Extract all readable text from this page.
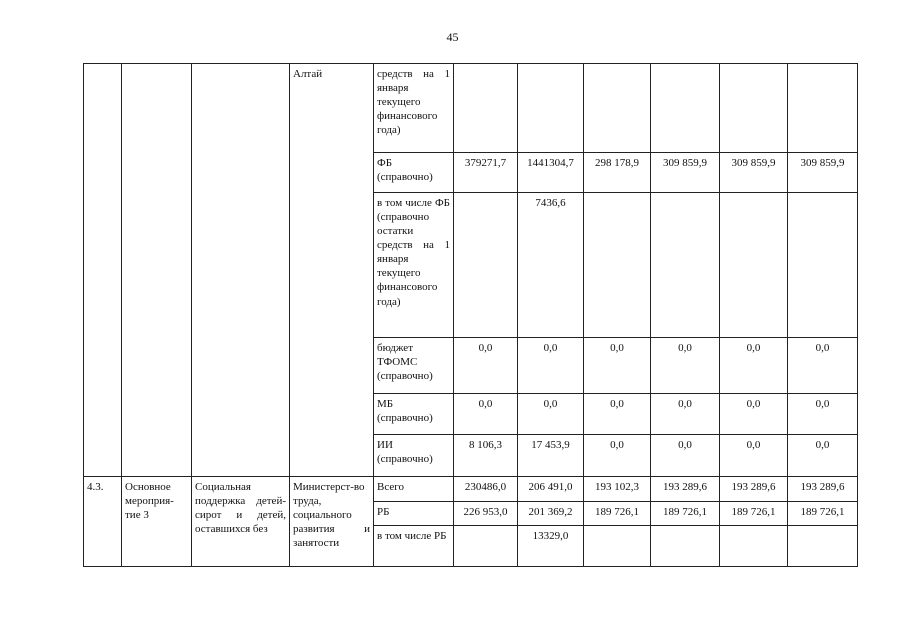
45
			Алтай	средств на 1 января текущего финансового года)						
				ФБ (справочно)	379271,7	1441304,7	298 178,9	309 859,9	309 859,9	309 859,9
				в том числе ФБ (справочно остатки средств на 1 января текущего финансового года)		7436,6				
				бюджет ТФОМС (справочно)	0,0	0,0	0,0	0,0	0,0	0,0
				МБ (справочно)	0,0	0,0	0,0	0,0	0,0	0,0
				ИИ (справочно)	8 106,3	17 453,9	0,0	0,0	0,0	0,0
4.3.	Основное мероприя-тие 3	Социальная поддержка детей-сирот и детей, оставшихся без	Министерст-во труда, социального развития и занятости	Всего	230486,0	206 491,0	193 102,3	193 289,6	193 289,6	193 289,6
				РБ	226 953,0	201 369,2	189 726,1	189 726,1	189 726,1	189 726,1
				в том числе РБ		13329,0				
